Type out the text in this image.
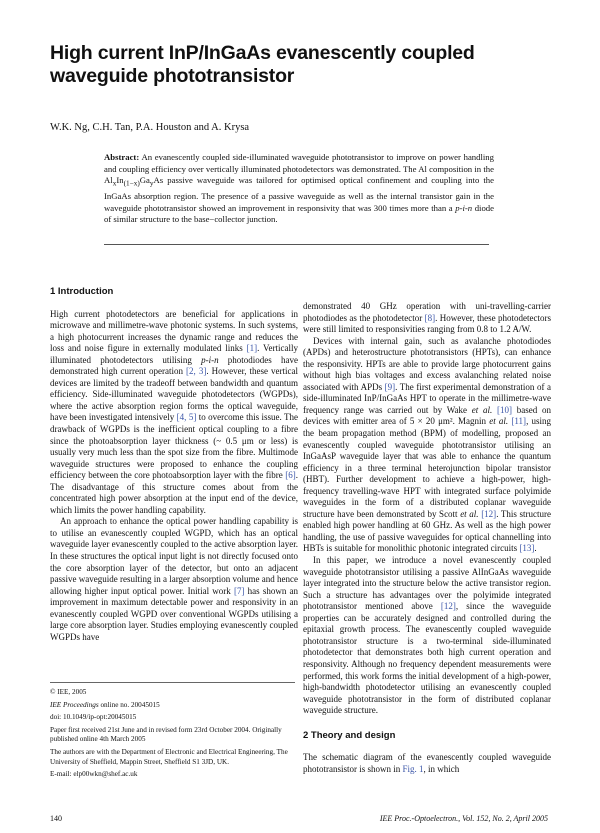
High current InP/InGaAs evanescently coupled waveguide phototransistor
W.K. Ng, C.H. Tan, P.A. Houston and A. Krysa
Abstract: An evanescently coupled side-illuminated waveguide phototransistor to improve on power handling and coupling efficiency over vertically illuminated photodetectors was demonstrated. The Al composition in the $Al_xIn_{(1-x)}Ga_yAs$ passive waveguide was tailored for optimised optical confinement and coupling into the InGaAs absorption region. The presence of a passive waveguide as well as the internal transistor gain in the waveguide phototransistor showed an improvement in responsivity that was 300 times more than a p-i-n diode of similar structure to the base−collector junction.
1 Introduction

High current photodetectors are beneficial for applications in microwave and millimetre-wave photonic systems. In such systems, a high photocurrent increases the dynamic range and reduces the loss and noise figure in externally modulated links [1]. Vertically illuminated photodetectors utilising p-i-n photodiodes have demonstrated high current operation [2, 3]. However, these vertical devices are limited by the tradeoff between bandwidth and quantum efficiency. Side-illuminated waveguide photodetectors (WGPDs), where the active absorption region forms the optical waveguide, have been investigated intensively [4, 5] to overcome this issue. The drawback of WGPDs is the inefficient optical coupling to a fibre since the photoabsorption layer thickness (~ 0.5 μm or less) is usually very much less than the spot size from the fibre. Multimode waveguide structures were proposed to enhance the coupling efficiency between the core photoabsorption layer with the fibre [6]. The disadvantage of this structure comes about from the concentrated high power absorption at the input end of the device, which limits the power handling capability.

An approach to enhance the optical power handling capability is to utilise an evanescently coupled WGPD, which has an optical waveguide layer evanescently coupled to the active absorption layer. In these structures the optical input light is not directly focused onto the core absorption layer of the detector, but onto an adjacent passive waveguide resulting in a larger absorption volume and hence allowing higher input optical power. Initial work [7] has shown an improvement in maximum detectable power and responsivity in an evanescently coupled WGPD over conventional WGPDs utilising a large core absorption layer. Studies employing evanescently coupled WGPDs have

demonstrated 40 GHz operation with uni-travelling-carrier photodiodes as the photodetector [8]. However, these photodetectors were still limited to responsivities ranging from 0.8 to 1.2 A/W.

Devices with internal gain, such as avalanche photodiodes (APDs) and heterostructure phototransistors (HPTs), can enhance the responsivity. HPTs are able to provide large photocurrent gains without high bias voltages and excess avalanching related noise associated with APDs [9]. The first experimental demonstration of a side-illuminated InP/InGaAs HPT to operate in the millimetre-wave frequency range was carried out by Wake et al. [10] based on devices with emitter area of 5 × 20 μm². Magnin et al. [11], using the beam propagation method (BPM) of modelling, proposed an evanescently coupled waveguide phototransistor utilising an InGaAsP waveguide layer that was able to enhance the quantum efficiency in a three terminal heterojunction bipolar transistor (HBT). Further development to achieve a high-power, high-frequency travelling-wave HPT with integrated surface polyimide waveguides in the form of a distributed coplanar waveguide structure have been demonstrated by Scott et al. [12]. This structure enabled high power handling at 60 GHz. As well as the high power handling, the use of passive waveguides for optical channelling into HBTs is suitable for monolithic photonic integrated circuits [13].

In this paper, we introduce a novel evanescently coupled waveguide phototransistor utilising a passive AlInGaAs waveguide layer integrated into the structure below the active transistor region. Such a structure has advantages over the polyimide integrated phototransistor mentioned above [12], since the waveguide properties can be accurately designed and controlled during the epitaxial growth process. The evanescently coupled waveguide phototransistor structure is a two-terminal side-illuminated photodetector that demonstrates both high current operation and responsivity. Although no frequency dependent measurements were performed, this work forms the initial development of a high-power, high-bandwidth photodetector utilising an evanescently coupled waveguide phototransistor in the form of distributed coplanar waveguide structure.

2 Theory and design

The schematic diagram of the evanescently coupled waveguide phototransistor is shown in Fig. 1, in which

© IEE, 2005

IEE Proceedings online no. 20045015

doi: 10.1049/ip-opt:20045015

Paper first received 21st June and in revised form 23rd October 2004. Originally published online 4th March 2005

The authors are with the Department of Electronic and Electrical Engineering, The University of Sheffield, Mappin Street, Sheffield S1 3JD, UK.

E-mail: elp00wkn@shef.ac.uk

140	IEE Proc.-Optoelectron., Vol. 152, No. 2, April 2005
